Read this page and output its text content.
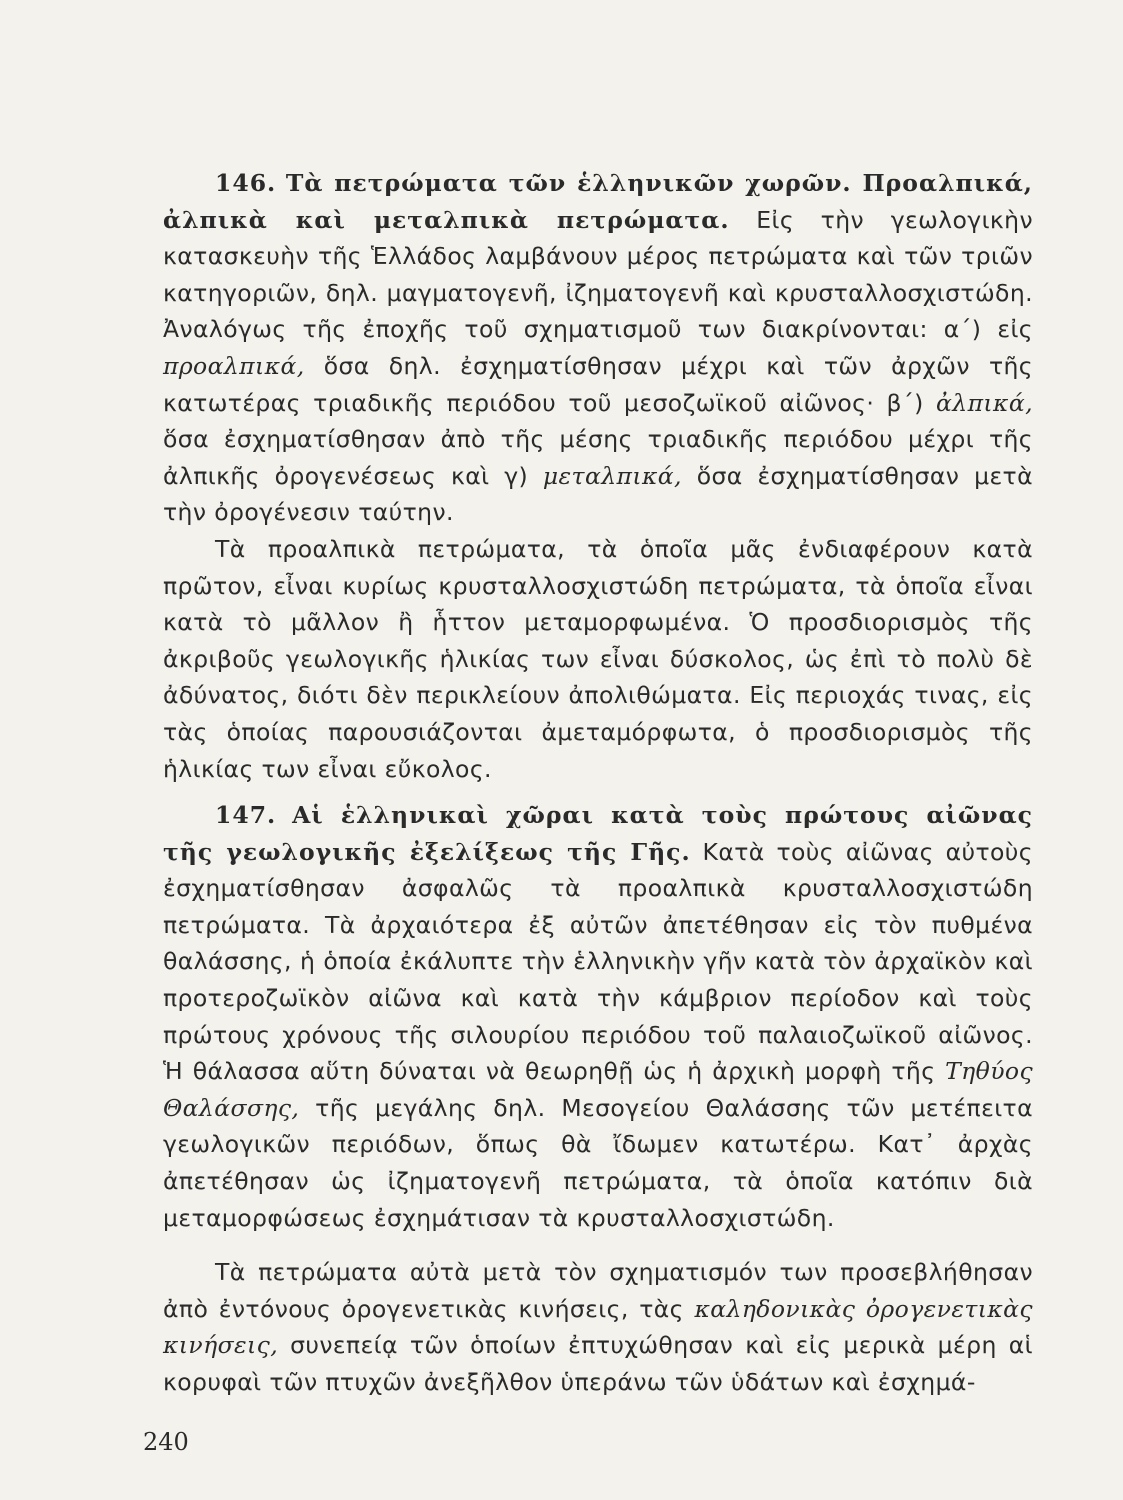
146. Τὰ πετρώματα τῶν ἑλληνικῶν χωρῶν. Προαλπικά, ἀλπικὰ καὶ μεταλπικὰ πετρώματα. Εἰς τὴν γεωλογικὴν κατασκευὴν τῆς Ἑλλάδος λαμβάνουν μέρος πετρώματα καὶ τῶν τριῶν κατηγοριῶν, δηλ. μαγματογενῆ, ἰζηματογενῆ καὶ κρυσταλλοσχιστώδη. Ἀναλόγως τῆς ἐποχῆς τοῦ σχηματισμοῦ των διακρίνονται: α΄) εἰς προαλπικά, ὅσα δηλ. ἐσχηματίσθησαν μέχρι καὶ τῶν ἀρχῶν τῆς κατωτέρας τριαδικῆς περιόδου τοῦ μεσοζωϊκοῦ αἰῶνος· β΄) ἀλπικά, ὅσα ἐσχηματίσθησαν ἀπὸ τῆς μέσης τριαδικῆς περιόδου μέχρι τῆς ἀλπικῆς ὀρογενέσεως καὶ γ) μεταλπικά, ὅσα ἐσχηματίσθησαν μετὰ τὴν ὀρογένεσιν ταύτην.

Τὰ προαλπικὰ πετρώματα, τὰ ὁποῖα μᾶς ἐνδιαφέρουν κατὰ πρῶτον, εἶναι κυρίως κρυσταλλοσχιστώδη πετρώματα, τὰ ὁποῖα εἶναι κατὰ τὸ μᾶλλον ἢ ἧττον μεταμορφωμένα. Ὁ προσδιορισμὸς τῆς ἀκριβοῦς γεωλογικῆς ἡλικίας των εἶναι δύσκολος, ὡς ἐπὶ τὸ πολὺ δὲ ἀδύνατος, διότι δὲν περικλείουν ἀπολιθώματα. Εἰς περιοχάς τινας, εἰς τὰς ὁποίας παρουσιάζονται ἀμεταμόρφωτα, ὁ προσδιορισμὸς τῆς ἡλικίας των εἶναι εὔκολος.

147. Αἱ ἑλληνικαὶ χῶραι κατὰ τοὺς πρώτους αἰῶνας τῆς γεωλογικῆς ἐξελίξεως τῆς Γῆς. Κατὰ τοὺς αἰῶνας αὐτοὺς ἐσχηματίσθησαν ἀσφαλῶς τὰ προαλπικὰ κρυσταλλοσχιστώδη πετρώματα. Τὰ ἀρχαιότερα ἐξ αὐτῶν ἀπετέθησαν εἰς τὸν πυθμένα θαλάσσης, ἡ ὁποία ἐκάλυπτε τὴν ἑλληνικὴν γῆν κατὰ τὸν ἀρχαϊκὸν καὶ προτεροζωϊκὸν αἰῶνα καὶ κατὰ τὴν κάμβριον περίοδον καὶ τοὺς πρώτους χρόνους τῆς σιλουρίου περιόδου τοῦ παλαιοζωϊκοῦ αἰῶνος. Ἡ θάλασσα αὕτη δύναται νὰ θεωρηθῇ ὡς ἡ ἀρχικὴ μορφὴ τῆς Τηθύος Θαλάσσης, τῆς μεγάλης δηλ. Μεσογείου Θαλάσσης τῶν μετέπειτα γεωλογικῶν περιόδων, ὅπως θὰ ἴδωμεν κατωτέρω. Κατ᾽ ἀρχὰς ἀπετέθησαν ὡς ἰζηματογενῆ πετρώματα, τὰ ὁποῖα κατόπιν διὰ μεταμορφώσεως ἐσχημάτισαν τὰ κρυσταλλοσχιστώδη.

Τὰ πετρώματα αὐτὰ μετὰ τὸν σχηματισμόν των προσεβλήθησαν ἀπὸ ἐντόνους ὀρογενετικὰς κινήσεις, τὰς καληδονικὰς ὀρογενετικὰς κινήσεις, συνεπείᾳ τῶν ὁποίων ἐπτυχώθησαν καὶ εἰς μερικὰ μέρη αἱ κορυφαὶ τῶν πτυχῶν ἀνεξῆλθον ὑπεράνω τῶν ὑδάτων καὶ ἐσχημά-

240
